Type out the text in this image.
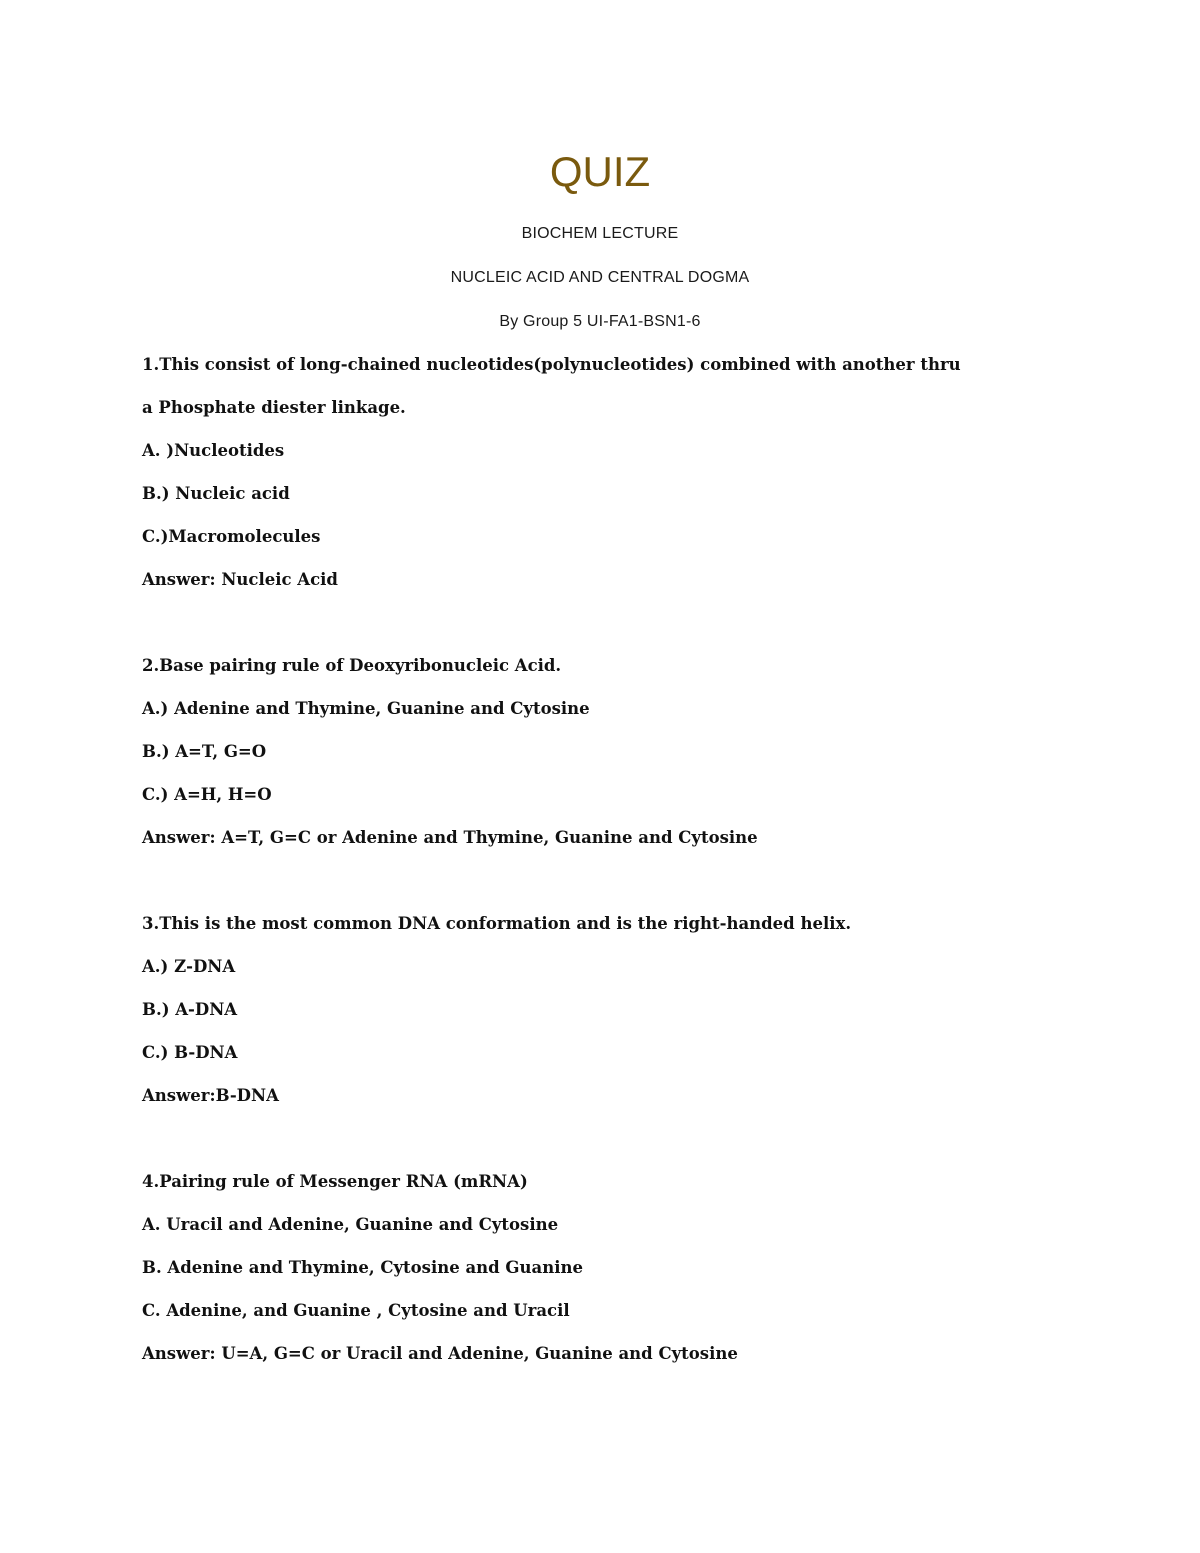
QUIZ
BIOCHEM LECTURE
NUCLEIC ACID AND CENTRAL DOGMA
By Group 5 UI-FA1-BSN1-6
1.This consist of long-chained nucleotides(polynucleotides) combined with another thru
a Phosphate diester linkage.
A. )Nucleotides
B.) Nucleic acid
C.)Macromolecules
Answer: Nucleic Acid
2.Base pairing rule of Deoxyribonucleic Acid.
A.) Adenine and Thymine, Guanine and Cytosine
B.) A=T, G=O
C.) A=H, H=O
Answer: A=T, G=C or Adenine and Thymine, Guanine and Cytosine
3.This is the most common DNA conformation and is the right-handed helix.
A.) Z-DNA
B.) A-DNA
C.) B-DNA
Answer:B-DNA
4.Pairing rule of Messenger RNA (mRNA)
A. Uracil and Adenine, Guanine and Cytosine
B. Adenine and Thymine, Cytosine and Guanine
C. Adenine, and Guanine , Cytosine and Uracil
Answer: U=A, G=C or Uracil and Adenine, Guanine and Cytosine
